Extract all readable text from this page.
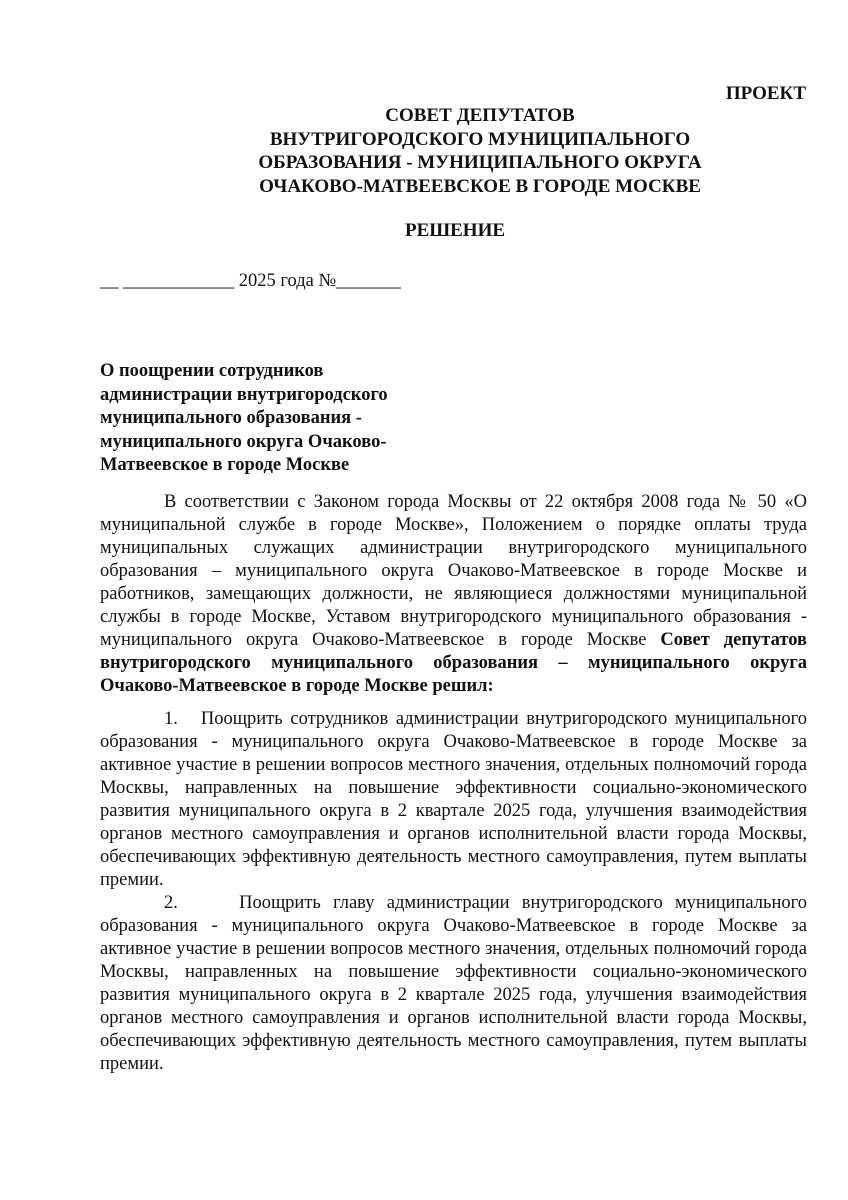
ПРОЕКТ
СОВЕТ ДЕПУТАТОВ
ВНУТРИГОРОДСКОГО МУНИЦИПАЛЬНОГО
ОБРАЗОВАНИЯ - МУНИЦИПАЛЬНОГО ОКРУГА
ОЧАКОВО-МАТВЕЕВСКОЕ В ГОРОДЕ МОСКВЕ
РЕШЕНИЕ
__ ____________ 2025 года №_______
О поощрении сотрудников
администрации внутригородского
муниципального образования -
муниципального округа Очаково-
Матвеевское в городе Москве

В соответствии с Законом города Москвы от 22 октября 2008 года № 50 «О муниципальной службе в городе Москве», Положением о порядке оплаты труда муниципальных служащих администрации внутригородского муниципального образования – муниципального округа Очаково-Матвеевское в городе Москве и работников, замещающих должности, не являющиеся должностями муниципальной службы в городе Москве, Уставом внутригородского муниципального образования - муниципального округа Очаково-Матвеевское в городе Москве Совет депутатов внутригородского муниципального образования – муниципального округа Очаково-Матвеевское в городе Москве решил:

1. Поощрить сотрудников администрации внутригородского муниципального образования - муниципального округа Очаково-Матвеевское в городе Москве за активное участие в решении вопросов местного значения, отдельных полномочий города Москвы, направленных на повышение эффективности социально-экономического развития муниципального округа в 2 квартале 2025 года, улучшения взаимодействия органов местного самоуправления и органов исполнительной власти города Москвы, обеспечивающих эффективную деятельность местного самоуправления, путем выплаты премии.

2.	Поощрить главу администрации внутригородского муниципального образования - муниципального округа Очаково-Матвеевское в городе Москве за активное участие в решении вопросов местного значения, отдельных полномочий города Москвы, направленных на повышение эффективности социально-экономического развития муниципального округа в 2 квартале 2025 года, улучшения взаимодействия органов местного самоуправления и органов исполнительной власти города Москвы, обеспечивающих эффективную деятельность местного самоуправления, путем выплаты премии.
